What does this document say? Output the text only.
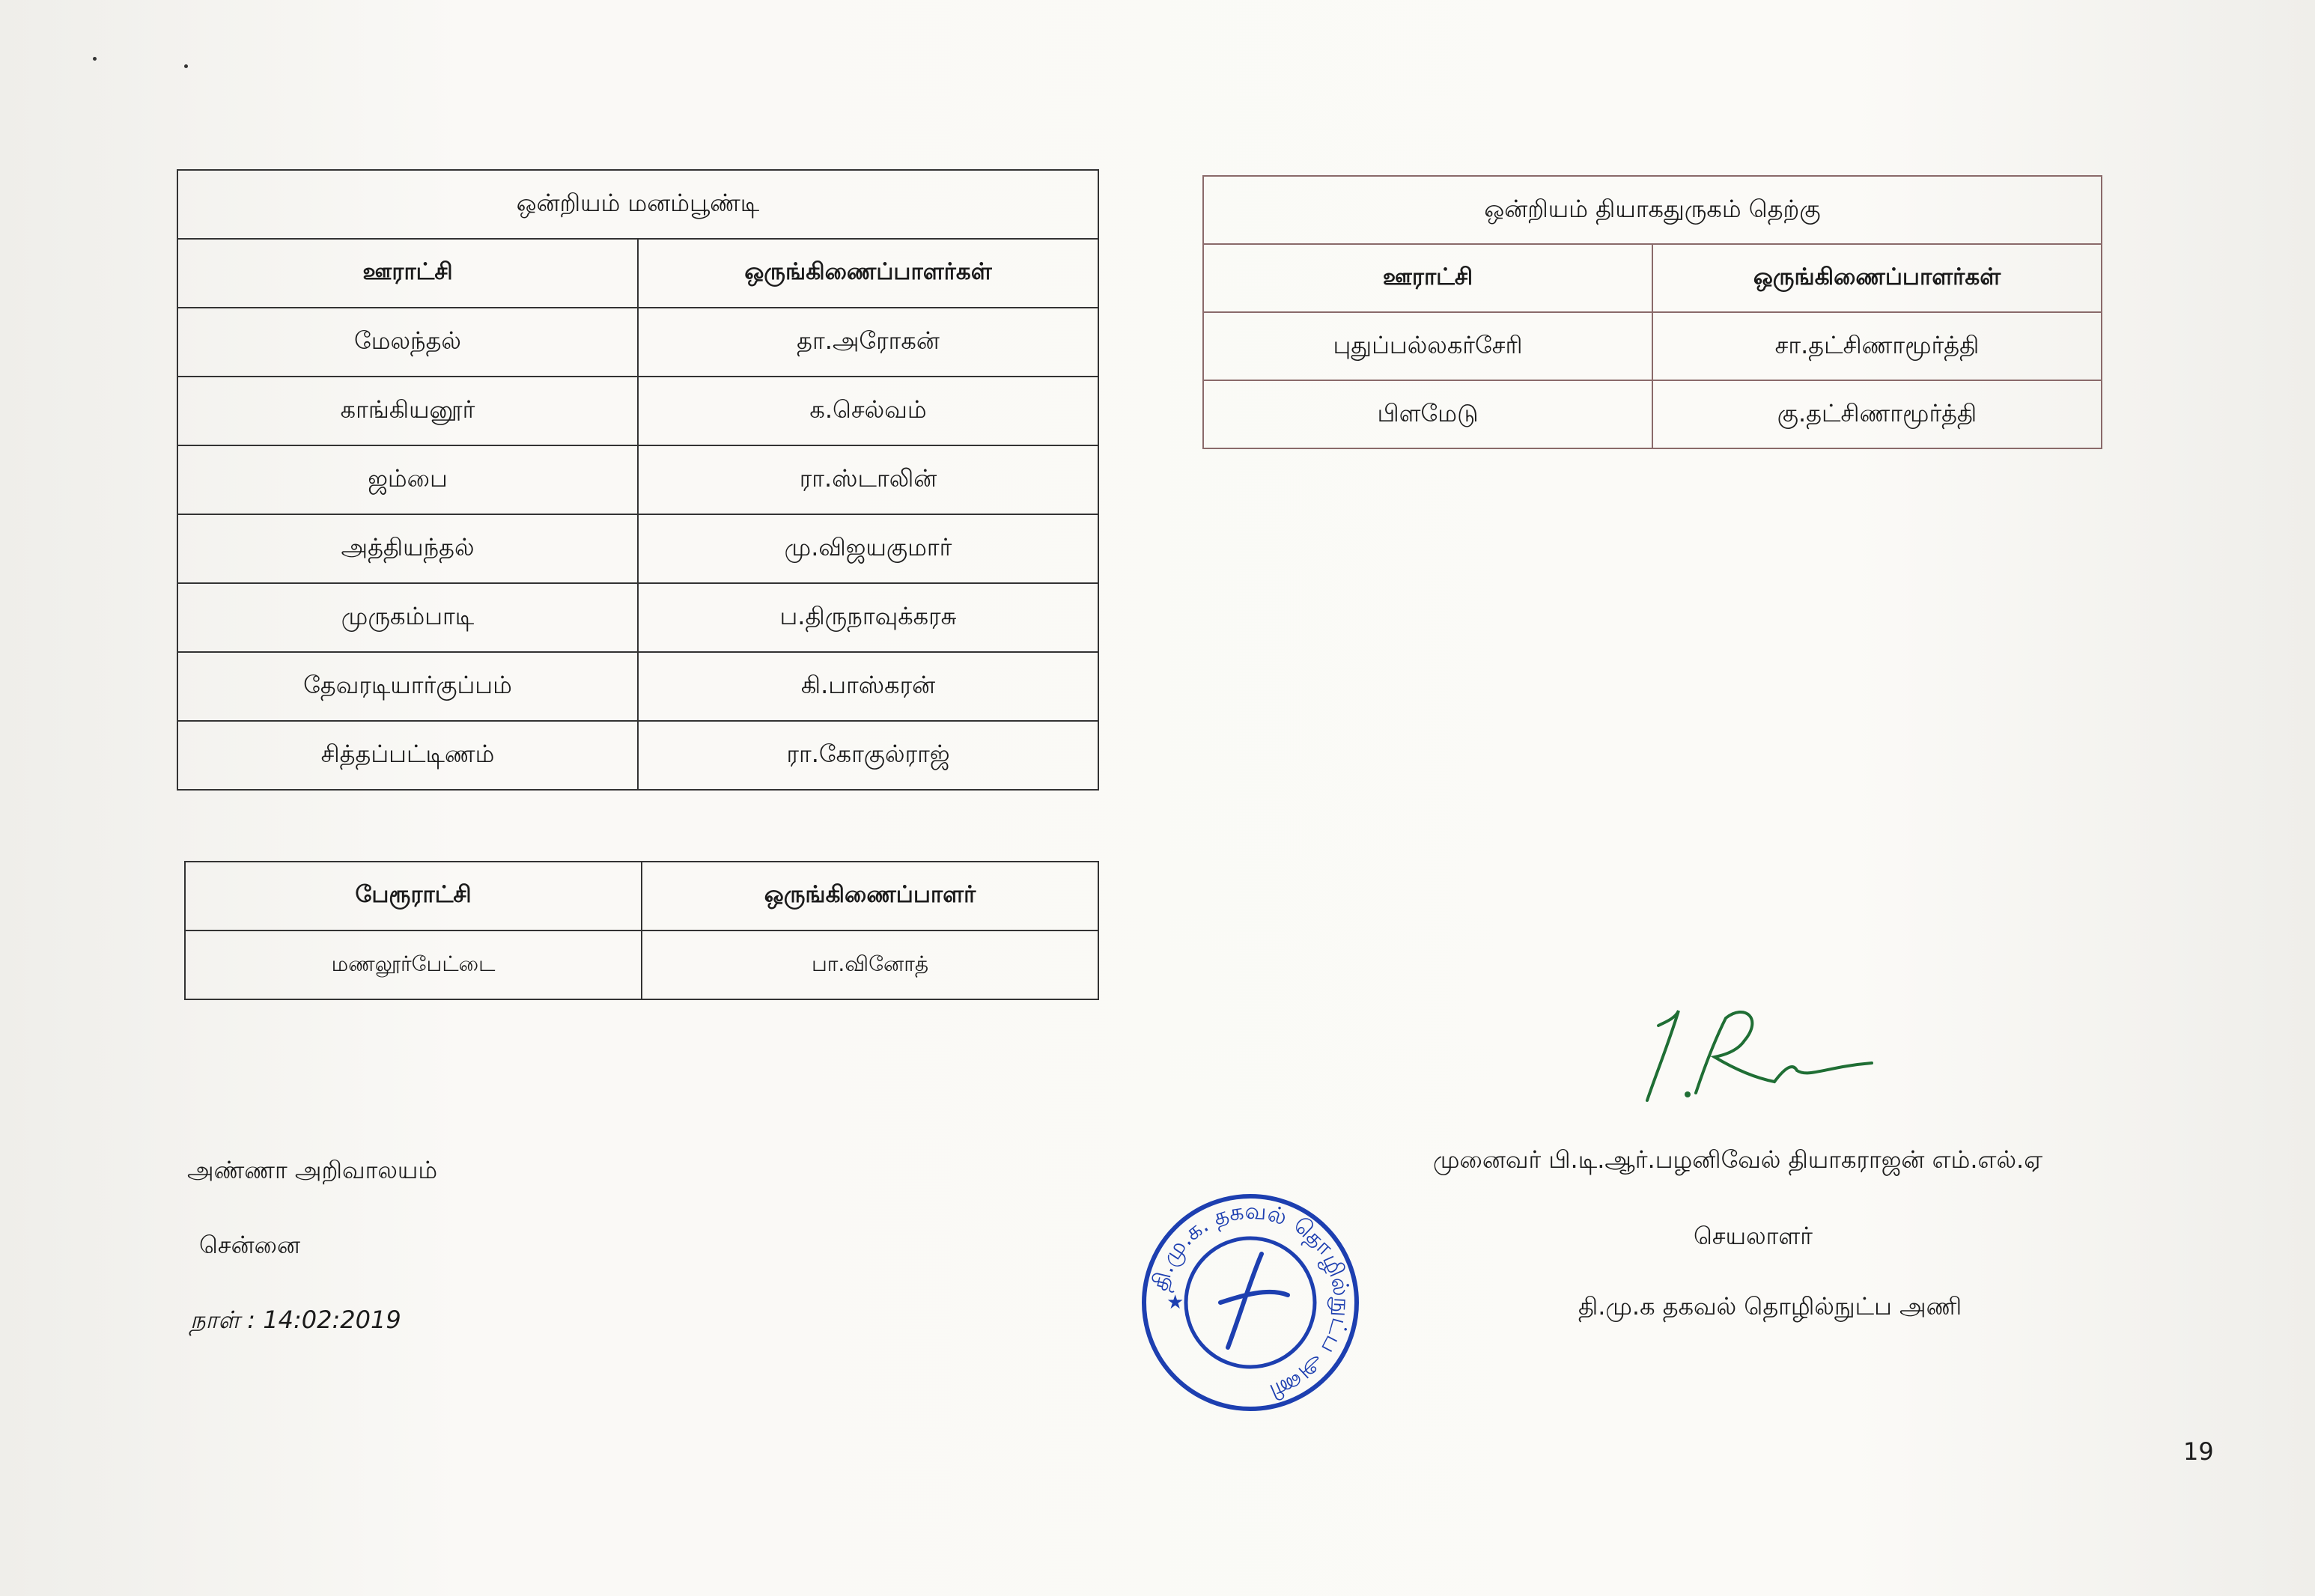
ஒன்றியம் மனம்பூண்டி	
ஊராட்சி	ஒருங்கிணைப்பாளர்கள்
மேலந்தல்	தா.அரோகன்
காங்கியனூர்	க.செல்வம்
ஜம்பை	ரா.ஸ்டாலின்
அத்தியந்தல்	மு.விஜயகுமார்
முருகம்பாடி	ப.திருநாவுக்கரசு
தேவரடியார்குப்பம்	கி.பாஸ்கரன்
சித்தப்பட்டிணம்	ரா.கோகுல்ராஜ்
ஒன்றியம் தியாகதுருகம் தெற்கு	
ஊராட்சி	ஒருங்கிணைப்பாளர்கள்
புதுப்பல்லகர்சேரி	சா.தட்சிணாமூர்த்தி
பிளமேடு	கு.தட்சிணாமூர்த்தி
பேரூராட்சி	ஒருங்கிணைப்பாளர்
மணலூர்பேட்டை	பா.வினோத்
அண்ணா அறிவாலயம்
சென்னை
நாள் : 14:02:2019
முனைவர் பி.டி.ஆர்.பழனிவேல் தியாகராஜன் எம்.எல்.ஏ
செயலாளர்
தி.மு.க தகவல் தொழில்நுட்ப அணி
தி.மு.க. தகவல் தொழில்நுட்ப அணி
★
19
